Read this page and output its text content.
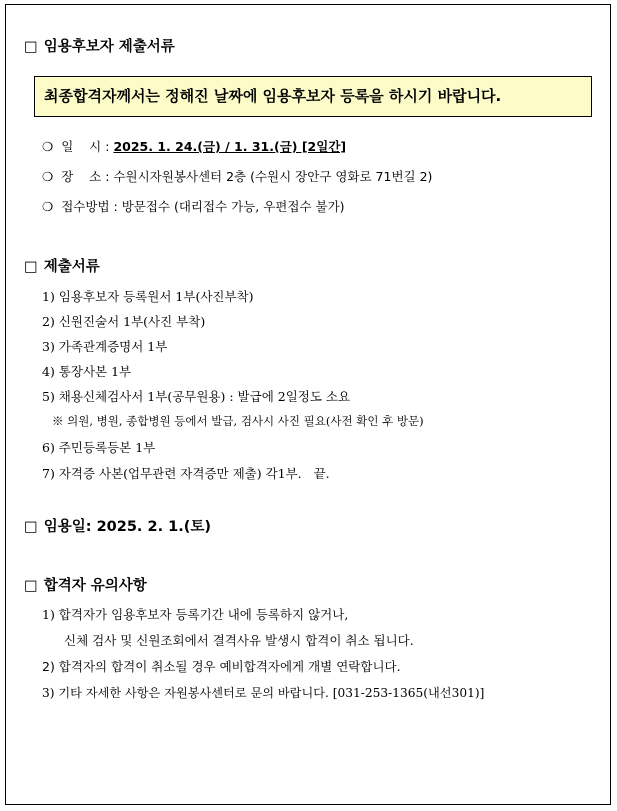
□ 임용후보자 제출서류
최종합격자께서는 정해진 날짜에 임용후보자 등록을 하시기 바랍니다.
❍ 일    시 : 2025. 1. 24.(금) / 1. 31.(금) [2일간]
❍ 장    소 : 수원시자원봉사센터 2층 (수원시 장안구 영화로 71번길 2)
❍ 접수방법 : 방문접수 (대리접수 가능, 우편접수 불가)
□ 제출서류
1) 임용후보자 등록원서 1부(사진부착)
2) 신원진술서 1부(사진 부착)
3) 가족관계증명서 1부
4) 통장사본 1부
5) 채용신체검사서 1부(공무원용) : 발급에 2일정도 소요
※ 의원, 병원, 종합병원 등에서 발급, 검사시 사진 필요(사전 확인 후 방문)
6) 주민등록등본 1부
7) 자격증 사본(업무관련 자격증만 제출) 각1부.   끝.
□ 임용일: 2025. 2. 1.(토)
□ 합격자 유의사항
1) 합격자가 임용후보자 등록기간 내에 등록하지 않거나,
신체 검사 및 신원조회에서 결격사유 발생시 합격이 취소 됩니다.
2) 합격자의 합격이 취소될 경우 예비합격자에게 개별 연락합니다.
3) 기타 자세한 사항은 자원봉사센터로 문의 바랍니다. [031-253-1365(내선301)]
